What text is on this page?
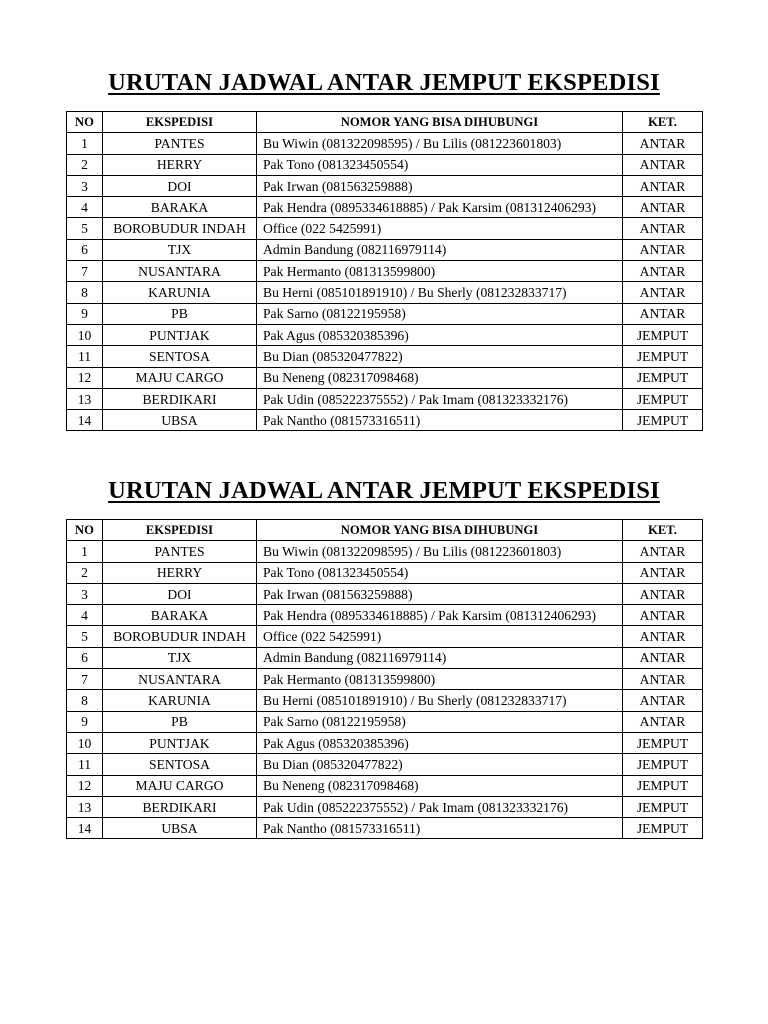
URUTAN JADWAL ANTAR JEMPUT EKSPEDISI
NO	EKSPEDISI	NOMOR YANG BISA DIHUBUNGI	KET.
1	PANTES	Bu Wiwin (081322098595) / Bu Lilis (081223601803)	ANTAR
2	HERRY	Pak Tono (081323450554)	ANTAR
3	DOI	Pak Irwan (081563259888)	ANTAR
4	BARAKA	Pak Hendra (0895334618885) / Pak Karsim (081312406293)	ANTAR
5	BOROBUDUR INDAH	Office (022 5425991)	ANTAR
6	TJX	Admin Bandung (082116979114)	ANTAR
7	NUSANTARA	Pak Hermanto (081313599800)	ANTAR
8	KARUNIA	Bu Herni (085101891910) / Bu Sherly (081232833717)	ANTAR
9	PB	Pak Sarno (08122195958)	ANTAR
10	PUNTJAK	Pak Agus (085320385396)	JEMPUT
11	SENTOSA	Bu Dian (085320477822)	JEMPUT
12	MAJU CARGO	Bu Neneng (082317098468)	JEMPUT
13	BERDIKARI	Pak Udin (085222375552) / Pak Imam (081323332176)	JEMPUT
14	UBSA	Pak Nantho (081573316511)	JEMPUT
URUTAN JADWAL ANTAR JEMPUT EKSPEDISI
NO	EKSPEDISI	NOMOR YANG BISA DIHUBUNGI	KET.
1	PANTES	Bu Wiwin (081322098595) / Bu Lilis (081223601803)	ANTAR
2	HERRY	Pak Tono (081323450554)	ANTAR
3	DOI	Pak Irwan (081563259888)	ANTAR
4	BARAKA	Pak Hendra (0895334618885) / Pak Karsim (081312406293)	ANTAR
5	BOROBUDUR INDAH	Office (022 5425991)	ANTAR
6	TJX	Admin Bandung (082116979114)	ANTAR
7	NUSANTARA	Pak Hermanto (081313599800)	ANTAR
8	KARUNIA	Bu Herni (085101891910) / Bu Sherly (081232833717)	ANTAR
9	PB	Pak Sarno (08122195958)	ANTAR
10	PUNTJAK	Pak Agus (085320385396)	JEMPUT
11	SENTOSA	Bu Dian (085320477822)	JEMPUT
12	MAJU CARGO	Bu Neneng (082317098468)	JEMPUT
13	BERDIKARI	Pak Udin (085222375552) / Pak Imam (081323332176)	JEMPUT
14	UBSA	Pak Nantho (081573316511)	JEMPUT
